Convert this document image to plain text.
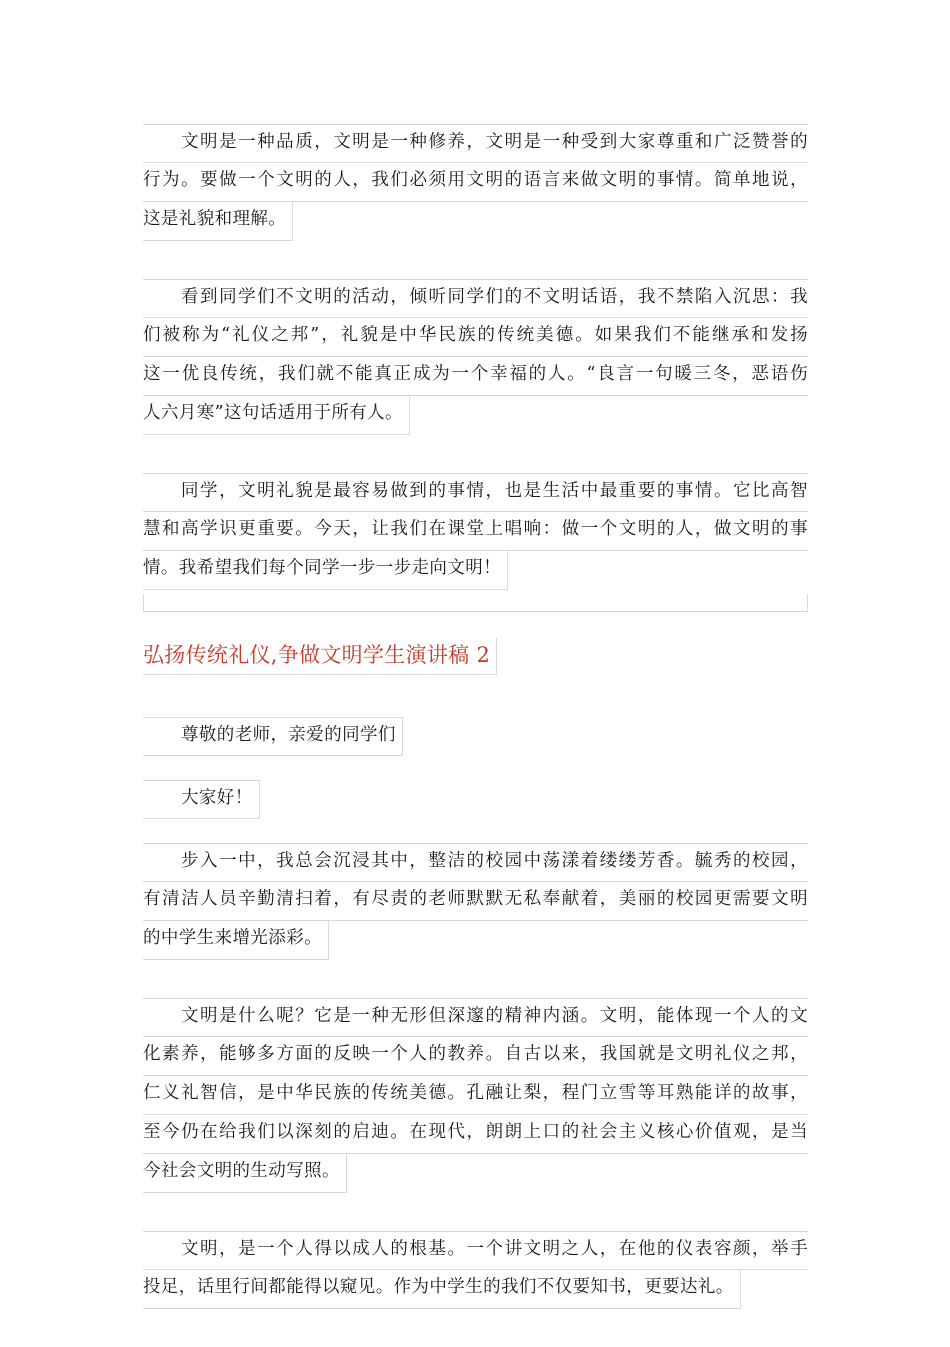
文明是一种品质，文明是一种修养，文明是一种受到大家尊重和广泛赞誉的
行为。要做一个文明的人，我们必须用文明的语言来做文明的事情。简单地说，
这是礼貌和理解。
看到同学们不文明的活动，倾听同学们的不文明话语，我不禁陷入沉思：我
们被称为“礼仪之邦”，礼貌是中华民族的传统美德。如果我们不能继承和发扬
这一优良传统，我们就不能真正成为一个幸福的人。“良言一句暖三冬，恶语伤
人六月寒”这句话适用于所有人。
同学，文明礼貌是最容易做到的事情，也是生活中最重要的事情。它比高智
慧和高学识更重要。今天，让我们在课堂上唱响：做一个文明的人，做文明的事
情。我希望我们每个同学一步一步走向文明！
弘扬传统礼仪,争做文明学生演讲稿 2
尊敬的老师，亲爱的同学们
大家好！
步入一中，我总会沉浸其中，整洁的校园中荡漾着缕缕芳香。毓秀的校园，
有清洁人员辛勤清扫着，有尽责的老师默默无私奉献着，美丽的校园更需要文明
的中学生来增光添彩。
文明是什么呢？它是一种无形但深邃的精神内涵。文明，能体现一个人的文
化素养，能够多方面的反映一个人的教养。自古以来，我国就是文明礼仪之邦，
仁义礼智信，是中华民族的传统美德。孔融让梨，程门立雪等耳熟能详的故事，
至今仍在给我们以深刻的启迪。在现代，朗朗上口的社会主义核心价值观，是当
今社会文明的生动写照。
文明，是一个人得以成人的根基。一个讲文明之人，在他的仪表容颜，举手
投足，话里行间都能得以窥见。作为中学生的我们不仅要知书，更要达礼。
